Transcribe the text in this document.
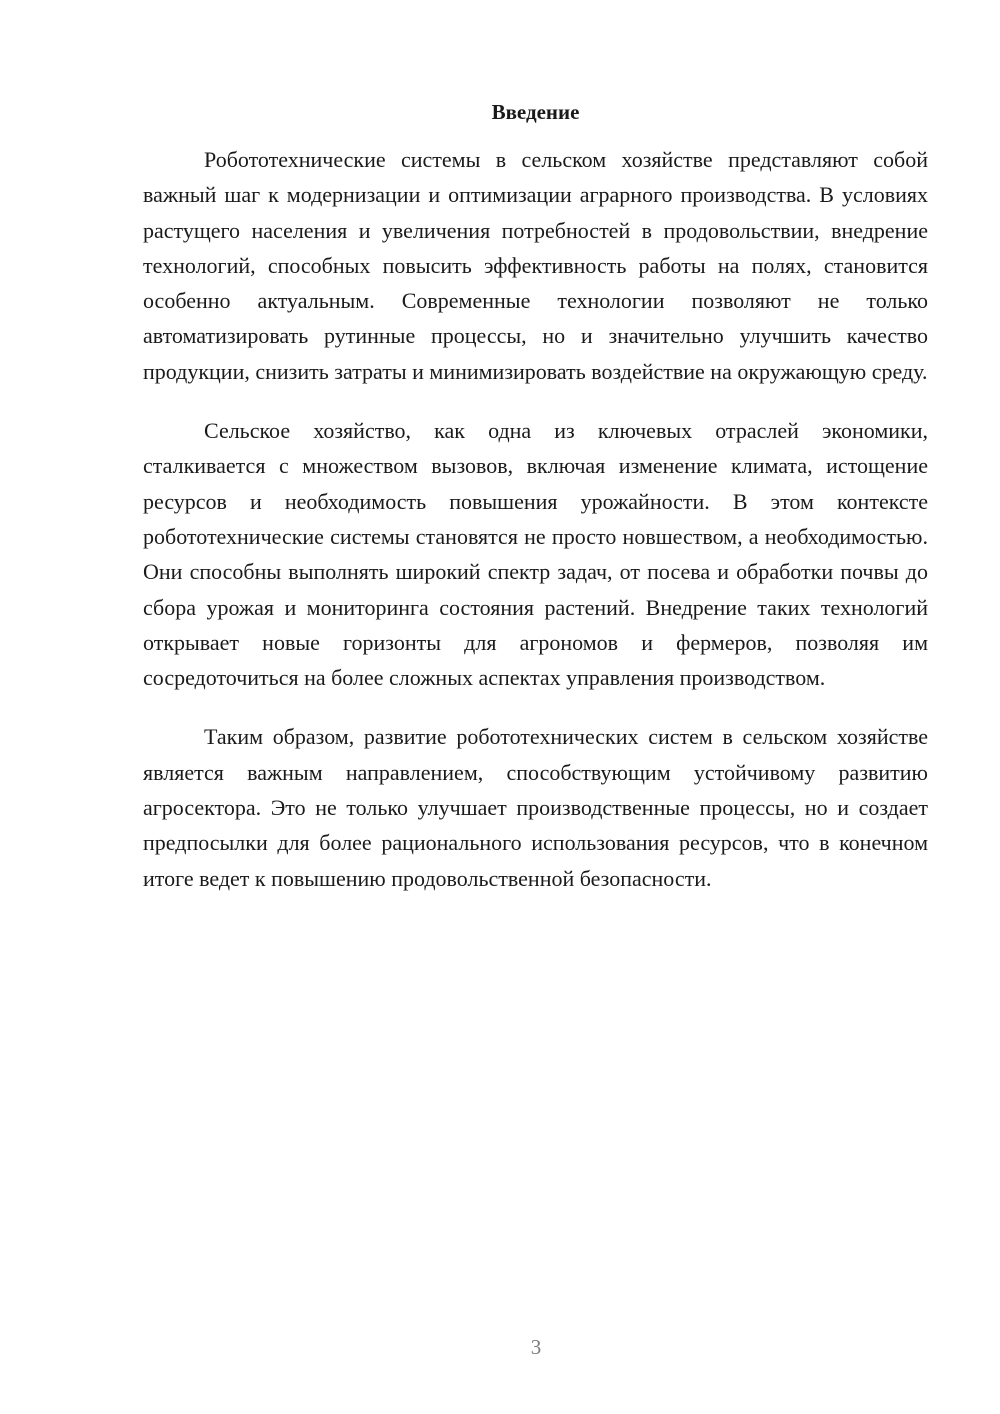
Введение

Робототехнические системы в сельском хозяйстве представляют собой важный шаг к модернизации и оптимизации аграрного производства. В условиях растущего населения и увеличения потребностей в продовольствии, внедрение технологий, способных повысить эффективность работы на полях, становится особенно актуальным. Современные технологии позволяют не только автоматизировать рутинные процессы, но и значительно улучшить качество продукции, снизить затраты и минимизировать воздействие на окружающую среду.

Сельское хозяйство, как одна из ключевых отраслей экономики, сталкивается с множеством вызовов, включая изменение климата, истощение ресурсов и необходимость повышения урожайности. В этом контексте робототехнические системы становятся не просто новшеством, а необходимостью. Они способны выполнять широкий спектр задач, от посева и обработки почвы до сбора урожая и мониторинга состояния растений. Внедрение таких технологий открывает новые горизонты для агрономов и фермеров, позволяя им сосредоточиться на более сложных аспектах управления производством.

Таким образом, развитие робототехнических систем в сельском хозяйстве является важным направлением, способствующим устойчивому развитию агросектора. Это не только улучшает производственные процессы, но и создает предпосылки для более рационального использования ресурсов, что в конечном итоге ведет к повышению продовольственной безопасности.

3
